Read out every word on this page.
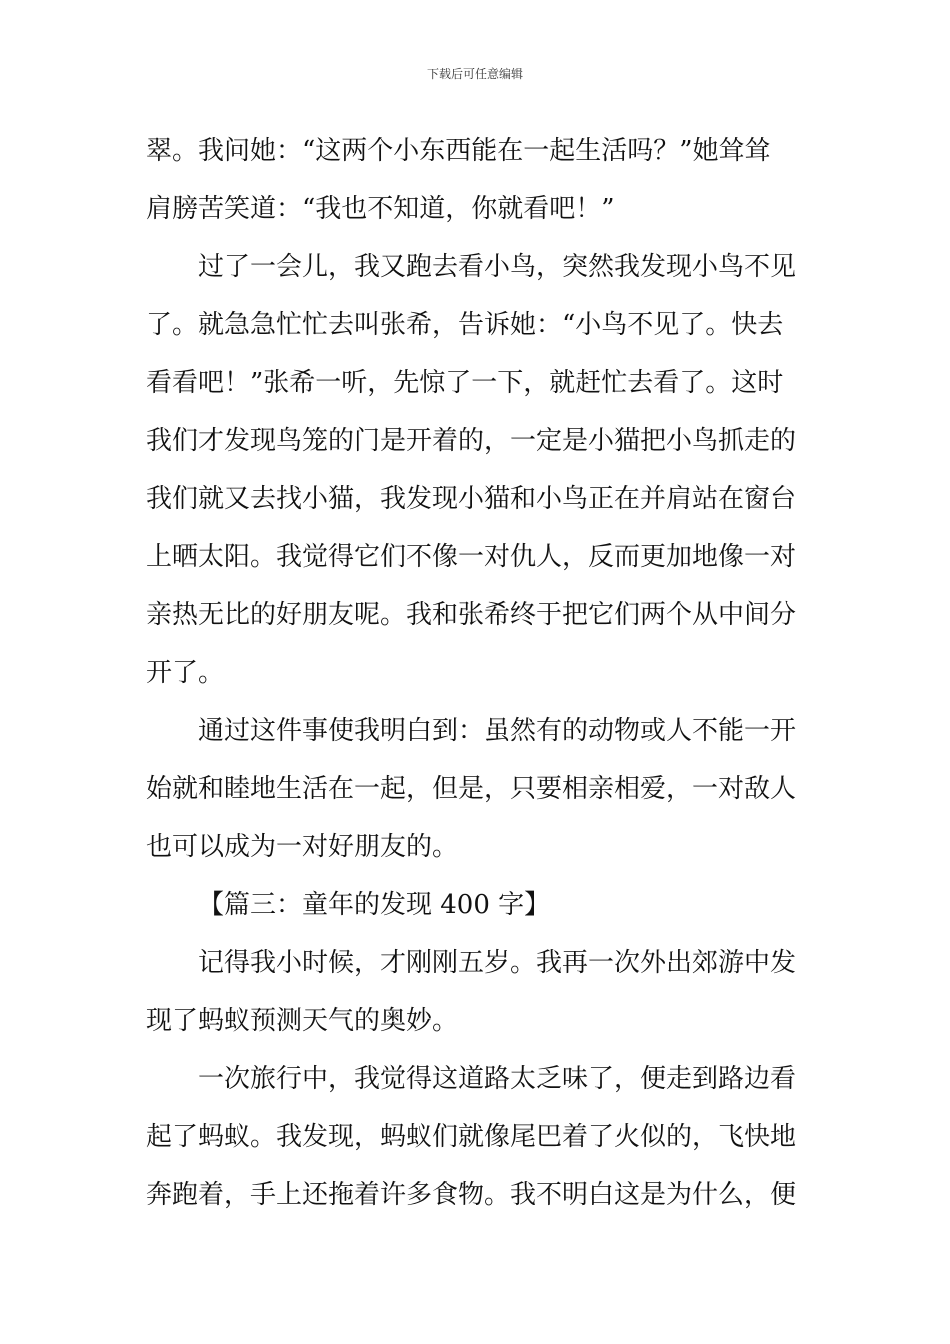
下载后可任意编辑
翠。我问她：“这两个小东西能在一起生活吗？”她耸耸
肩膀苦笑道：“我也不知道，你就看吧！”
过了一会儿，我又跑去看小鸟，突然我发现小鸟不见
了。就急急忙忙去叫张希，告诉她：“小鸟不见了。快去
看看吧！”张希一听，先惊了一下，就赶忙去看了。这时
我们才发现鸟笼的门是开着的，一定是小猫把小鸟抓走的
我们就又去找小猫，我发现小猫和小鸟正在并肩站在窗台
上晒太阳。我觉得它们不像一对仇人，反而更加地像一对
亲热无比的好朋友呢。我和张希终于把它们两个从中间分
开了。
通过这件事使我明白到：虽然有的动物或人不能一开
始就和睦地生活在一起，但是，只要相亲相爱，一对敌人
也可以成为一对好朋友的。
【篇三：童年的发现 400 字】
记得我小时候，才刚刚五岁。我再一次外出郊游中发
现了蚂蚁预测天气的奥妙。
一次旅行中，我觉得这道路太乏味了，便走到路边看
起了蚂蚁。我发现，蚂蚁们就像尾巴着了火似的，飞快地
奔跑着，手上还拖着许多食物。我不明白这是为什么，便
